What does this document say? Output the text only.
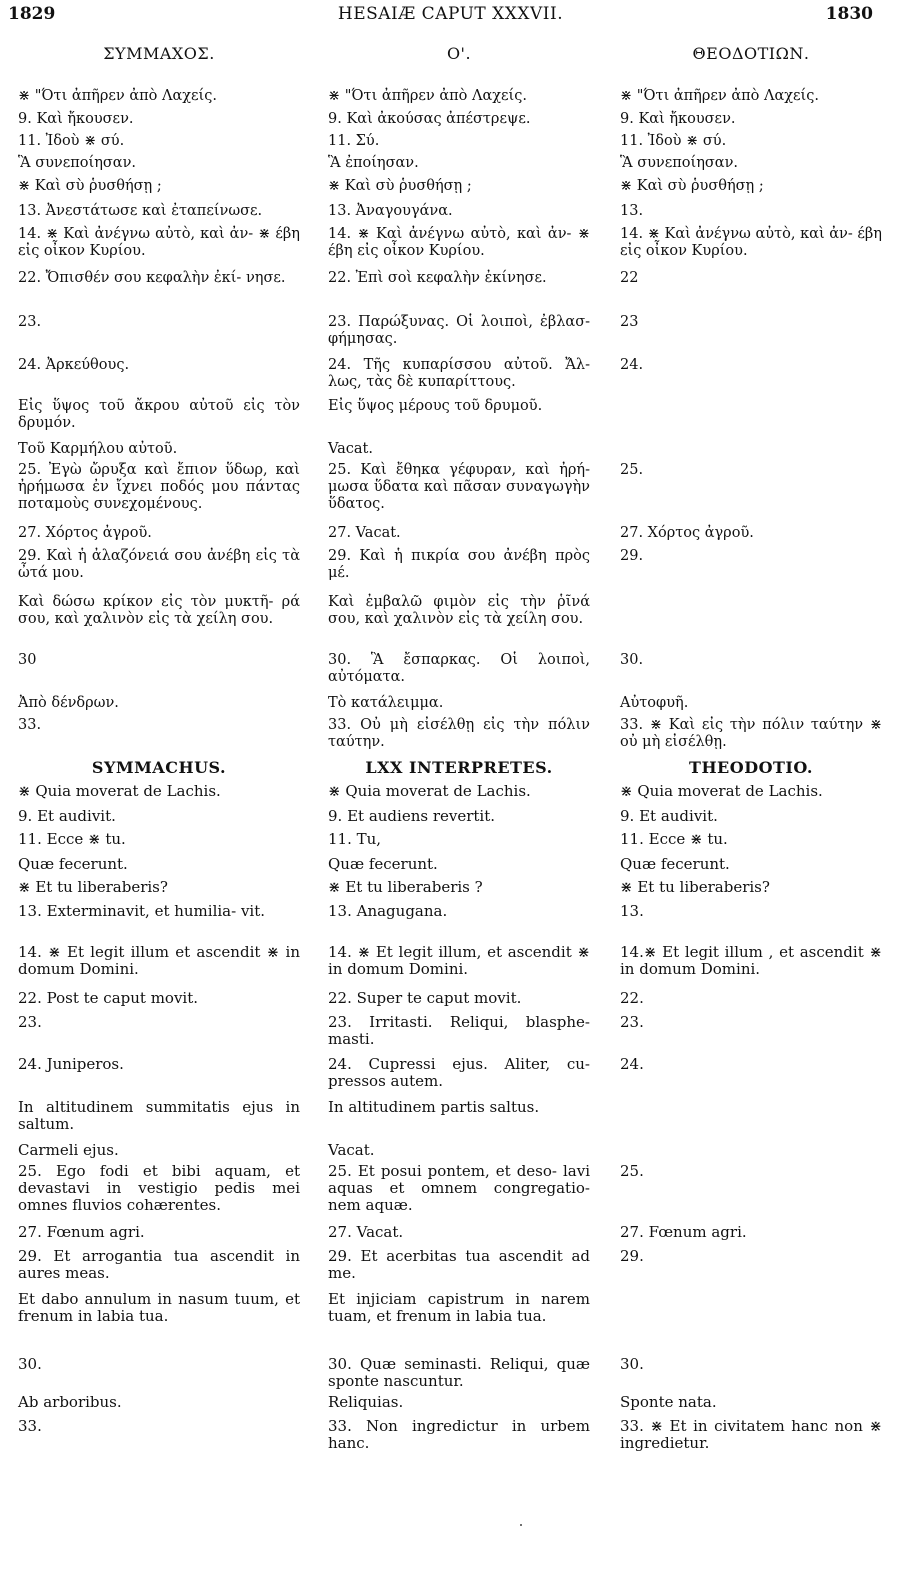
1829	HESAIÆ CAPUT XXXVII.	1830
ΣΥΜΜΑΧΟΣ.
⋇ "Ότι ἀπῆρεν ἀπὸ Λαχείς.
9. Καὶ ἤκουσεν.
11. Ἰδοὺ ⋇ σύ.
Ἃ συνεποίησαν.
⋇ Καὶ σὺ ῥυσθήσῃ ;
13. Ἀνεστάτωσε καὶ ἐταπείνωσε.
14. ⋇ Καὶ ἀνέγνω αὐτὸ, καὶ ἀν- ⋇ έβη εἰς οἶκον Κυρίου.
22. Ὄπισθέν σου κεφαλὴν ἐκί- νησε.
23.
24. Ἀρκεύθους.
Εἰς ὕψος τοῦ ἄκρου αὐτοῦ εἰς τὸν δρυμόν.
Τοῦ Καρμήλου αὐτοῦ.
25. Ἐγὼ ὤρυξα καὶ ἔπιον ὕδωρ, καὶ ἠρήμωσα ἐν ἴχνει ποδός μου πάντας ποταμοὺς συνεχομένους.
27. Χόρτος ἀγροῦ.
29. Καὶ ἡ ἀλαζόνειά σου ἀνέβη εἰς τὰ ὦτά μου.
Καὶ δώσω κρίκον εἰς τὸν μυκτῆ- ρά σου, καὶ χαλινὸν εἰς τὰ χείλη σου.
30
Ἀπὸ δένδρων.
33.
SYMMACHUS.
⋇ Quia moverat de Lachis.
9. Et audivit.
11. Ecce ⋇ tu.
Quæ fecerunt.
⋇ Et tu liberaberis?
13. Exterminavit, et humilia- vit.
14. ⋇ Et legit illum et ascendit ⋇ in domum Domini.
22. Post te caput movit.
23.
24. Juniperos.
In altitudinem summitatis ejus in saltum.
Carmeli ejus.
25. Ego fodi et bibi aquam, et devastavi in vestigio pedis mei omnes fluvios cohærentes.
27. Fœnum agri.
29. Et arrogantia tua ascendit in aures meas.
Et dabo annulum in nasum tuum, et frenum in labia tua.
30.
Ab arboribus.
33.
O'.
⋇ "Ότι ἀπῆρεν ἀπὸ Λαχείς.
9. Καὶ ἀκούσας ἀπέστρεψε.
11. Σύ.
Ἃ ἐποίησαν.
⋇ Καὶ σὺ ῥυσθήσῃ ;
13. Ἀναγουγάνα.
14. ⋇ Καὶ ἀνέγνω αὐτὸ, καὶ ἀν- ⋇ έβη εἰς οἶκον Κυρίου.
22. Ἐπὶ σοὶ κεφαλὴν ἐκίνησε.
23. Παρώξυνας. Οἱ λοιποὶ, ἐβλασ- φήμησας.
24. Τῆς κυπαρίσσου αὐτοῦ. Ἄλ- λως, τὰς δὲ κυπαρίττους.
Εἰς ὕψος μέρους τοῦ δρυμοῦ.
Vacat.
25. Καὶ ἔθηκα γέφυραν, καὶ ἠρή- μωσα ὕδατα καὶ πᾶσαν συναγωγὴν ὕδατος.
27. Vacat.
29. Καὶ ἡ πικρία σου ἀνέβη πρὸς μέ.
Καὶ ἐμβαλῶ φιμὸν εἰς τὴν ῥῖνά σου, καὶ χαλινὸν εἰς τὰ χείλη σου.
30. Ἃ ἔσπαρκας. Οἱ λοιποὶ, αὐτόματα.
Τὸ κατάλειμμα.
33. Οὐ μὴ εἰσέλθῃ εἰς τὴν πόλιν ταύτην.
LXX INTERPRETES.
⋇ Quia moverat de Lachis.
9. Et audiens revertit.
11. Tu,
Quæ fecerunt.
⋇ Et tu liberaberis ?
13. Anagugana.
14. ⋇ Et legit illum, et ascendit ⋇ in domum Domini.
22. Super te caput movit.
23. Irritasti. Reliqui, blasphe- masti.
24. Cupressi ejus. Aliter, cu- pressos autem.
In altitudinem partis saltus.
Vacat.
25. Et posui pontem, et deso- lavi aquas et omnem congregatio- nem aquæ.
27. Vacat.
29. Et acerbitas tua ascendit ad me.
Et injiciam capistrum in narem tuam, et frenum in labia tua.
30. Quæ seminasti. Reliqui, quæ sponte nascuntur.
Reliquias.
33. Non ingredictur in urbem hanc.
ΘΕΟΔΟΤΙΩΝ.
⋇ "Ότι ἀπῆρεν ἀπὸ Λαχείς.
9. Καὶ ἤκουσεν.
11. Ἰδοὺ ⋇ σύ.
Ἃ συνεποίησαν.
⋇ Καὶ σὺ ῥυσθήσῃ ;
13.
14. ⋇ Καὶ ἀνέγνω αὐτὸ, καὶ ἀν- έβη εἰς οἶκον Κυρίου.
22
23
24.
25.
27. Χόρτος ἀγροῦ.
29.
30.
Αὐτοφυῆ.
33. ⋇ Καὶ εἰς τὴν πόλιν ταύτην ⋇ οὐ μὴ εἰσέλθῃ.
THEODOTIO.
⋇ Quia moverat de Lachis.
9. Et audivit.
11. Ecce ⋇ tu.
Quæ fecerunt.
⋇ Et tu liberaberis?
13.
14.⋇ Et legit illum , et ascendit ⋇ in domum Domini.
22.
23.
24.
25.
27. Fœnum agri.
29.
30.
Sponte nata.
33. ⋇ Et in civitatem hanc non ⋇ ingredietur.
